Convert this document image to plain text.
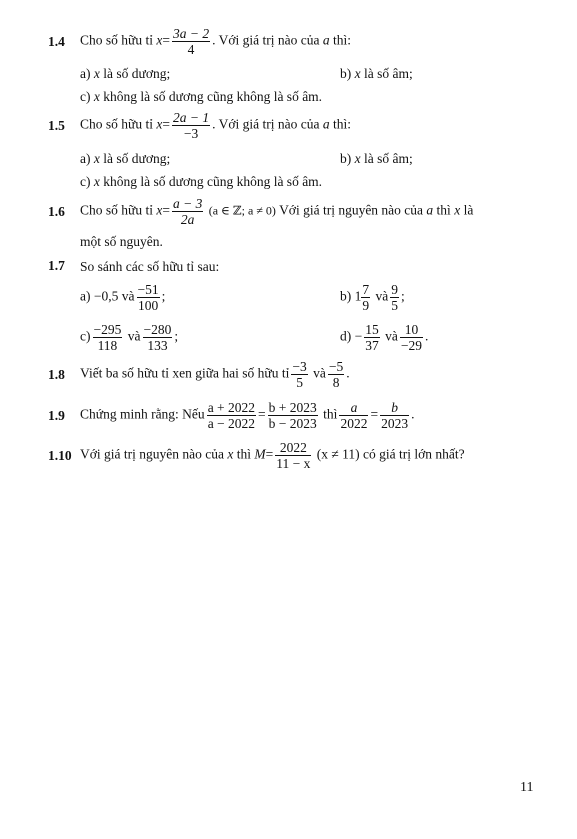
1.4 Cho số hữu tỉ $x= \frac{3a - 2}{4}$ . Với giá trị nào của a thì:
a) x là số dương;	b) x là số âm;
c) x không là số dương cũng không là số âm.
1.5 Cho số hữu tỉ $x= \frac{2a - 1}{-3}$ . Với giá trị nào của a thì:
a) x là số dương;	b) x là số âm;
c) x không là số dương cũng không là số âm.
1.6 Cho số hữu tỉ $x= \frac{a - 3}{2a} (a$ ∈ ℤ; a ≠ 0) Với giá trị nguyên nào của a thì x là
một số nguyên.
1.7 So sánh các số hữu tỉ sau:
a) −0,5 và $\frac{-51}{100}$ ;	b) $1 \frac{7}{9}$ và $\frac{9}{5}$ ;
$c) \frac{-295}{118}$ và $\frac{-280}{133}$ ;	$d) - \frac{15}{37}$ và $\frac{10}{-29}$ .
1.8 Viết ba số hữu tỉ xen giữa hai số hữu tỉ $\frac{-3}{5}$ và $\frac{-5}{8}$ .
1.9 Chứng minh rằng: Nếu $\frac{a + 2022}{a - 2022} = \frac{b + 2023}{b - 2023}$ thì $\frac{a}{2022} = \frac{b}{2023}$ .
1.10 Với giá trị nguyên nào của x thì $M= \frac{2022}{11 - x} (x \ne 11)$ có giá trị lớn nhất?
11
